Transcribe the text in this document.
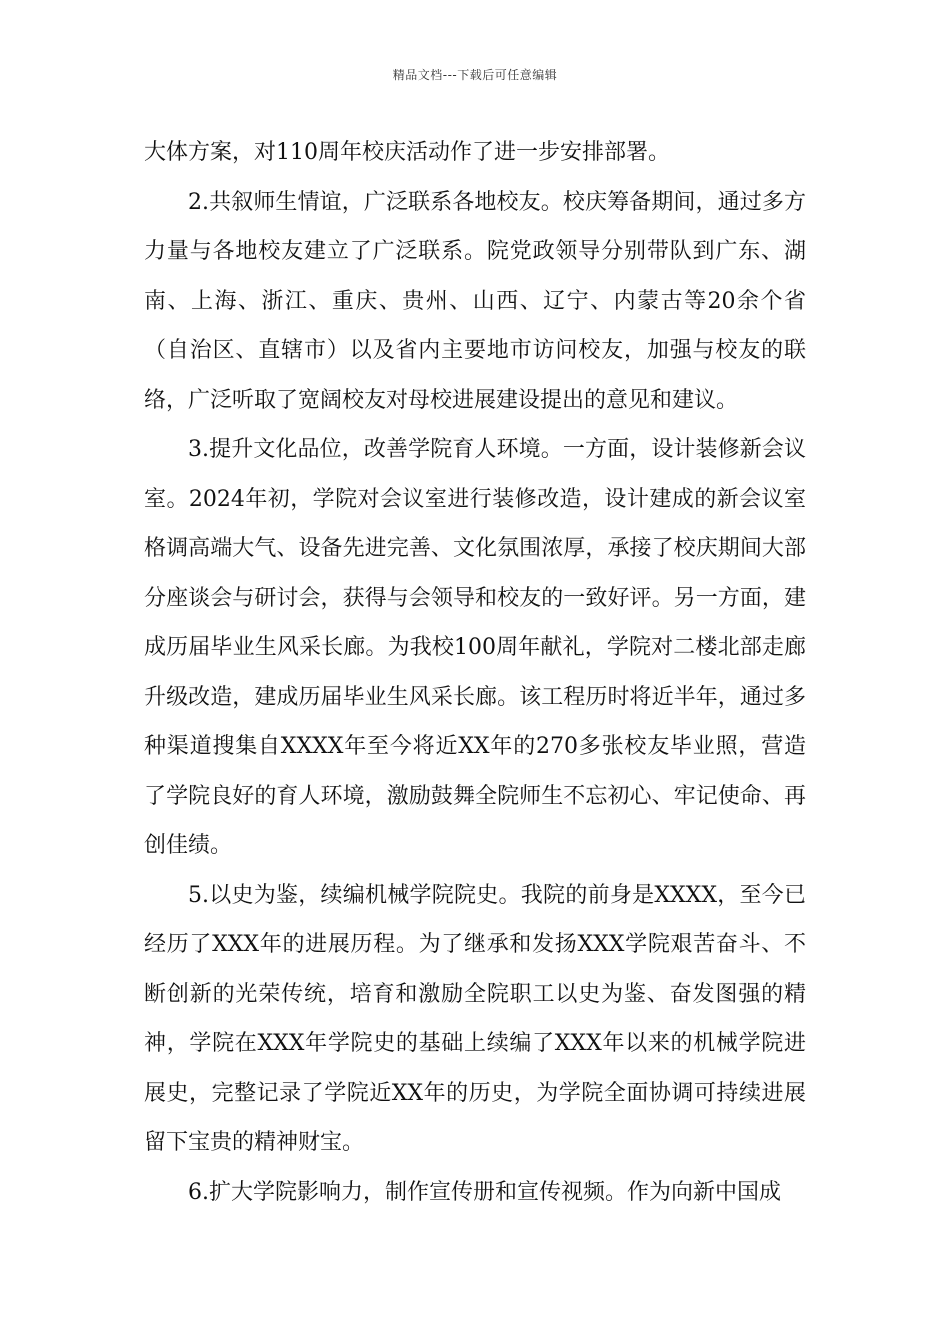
精品文档---下载后可任意编辑

大体方案，对110周年校庆活动作了进一步安排部署。

2.共叙师生情谊，广泛联系各地校友。校庆筹备期间，通过多方力量与各地校友建立了广泛联系。院党政领导分别带队到广东、湖南、上海、浙江、重庆、贵州、山西、辽宁、内蒙古等20余个省（自治区、直辖市）以及省内主要地市访问校友，加强与校友的联络，广泛听取了宽阔校友对母校进展建设提出的意见和建议。

3.提升文化品位，改善学院育人环境。一方面，设计装修新会议室。2024年初，学院对会议室进行装修改造，设计建成的新会议室格调高端大气、设备先进完善、文化氛围浓厚，承接了校庆期间大部分座谈会与研讨会，获得与会领导和校友的一致好评。另一方面，建成历届毕业生风采长廊。为我校100周年献礼，学院对二楼北部走廊升级改造，建成历届毕业生风采长廊。该工程历时将近半年，通过多种渠道搜集自XXXX年至今将近XX年的270多张校友毕业照，营造了学院良好的育人环境，激励鼓舞全院师生不忘初心、牢记使命、再创佳绩。

5.以史为鉴，续编机械学院院史。我院的前身是XXXX，至今已经历了XXX年的进展历程。为了继承和发扬XXX学院艰苦奋斗、不断创新的光荣传统，培育和激励全院职工以史为鉴、奋发图强的精神，学院在XXX年学院史的基础上续编了XXX年以来的机械学院进展史，完整记录了学院近XX年的历史，为学院全面协调可持续进展留下宝贵的精神财宝。

6.扩大学院影响力，制作宣传册和宣传视频。作为向新中国成
